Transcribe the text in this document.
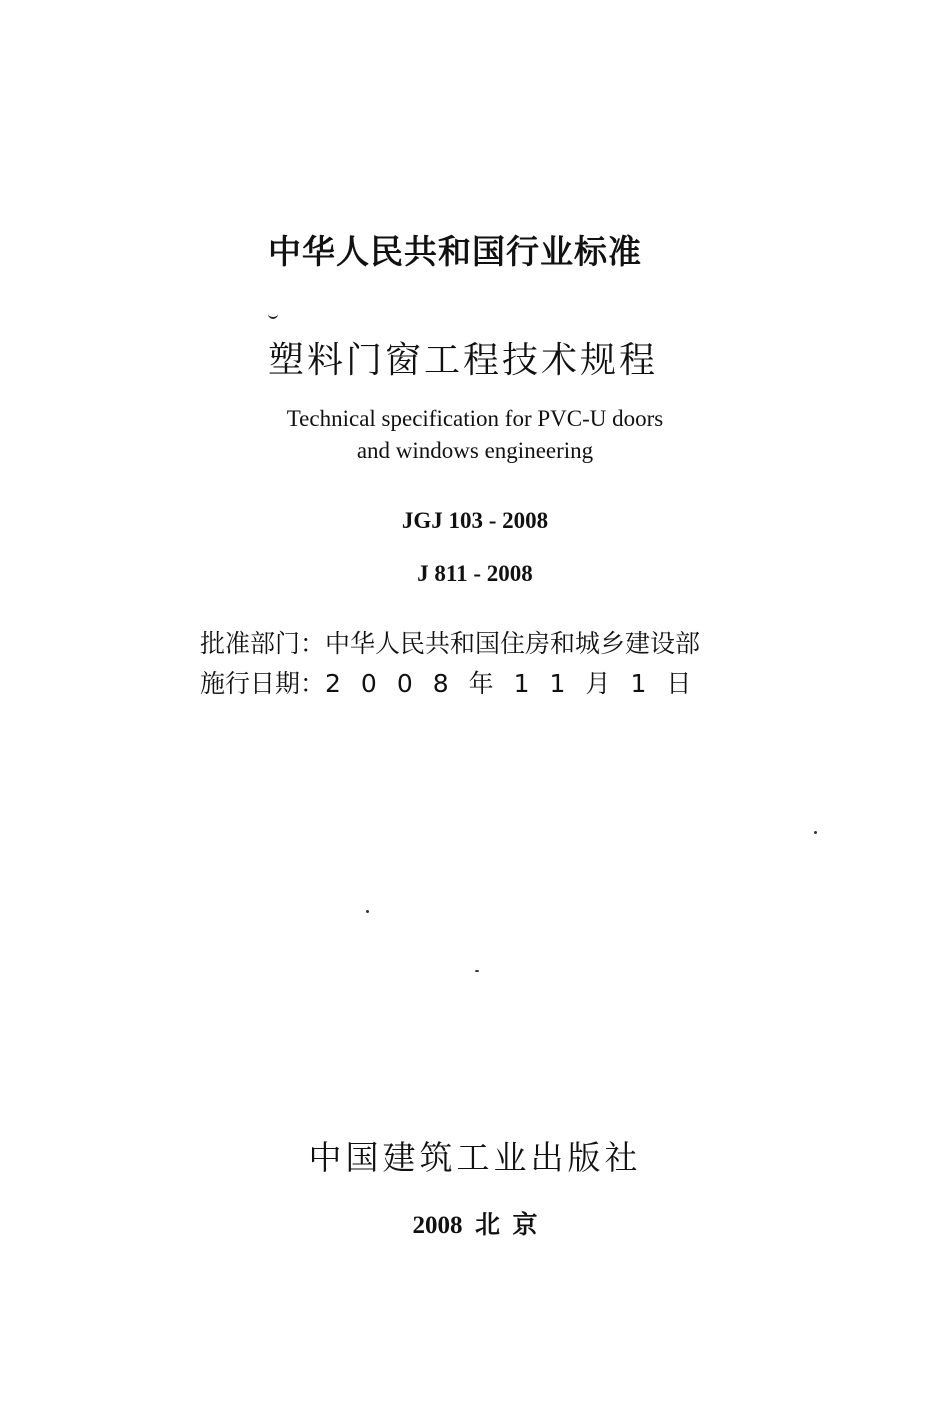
中华人民共和国行业标准
塑料门窗工程技术规程
Technical specification for PVC-U doors
and windows engineering
JGJ 103 - 2008
J 811 - 2008
批准部门：中华人民共和国住房和城乡建设部
施行日期：2008年11月1日
中国建筑工业出版社
2008  北  京
